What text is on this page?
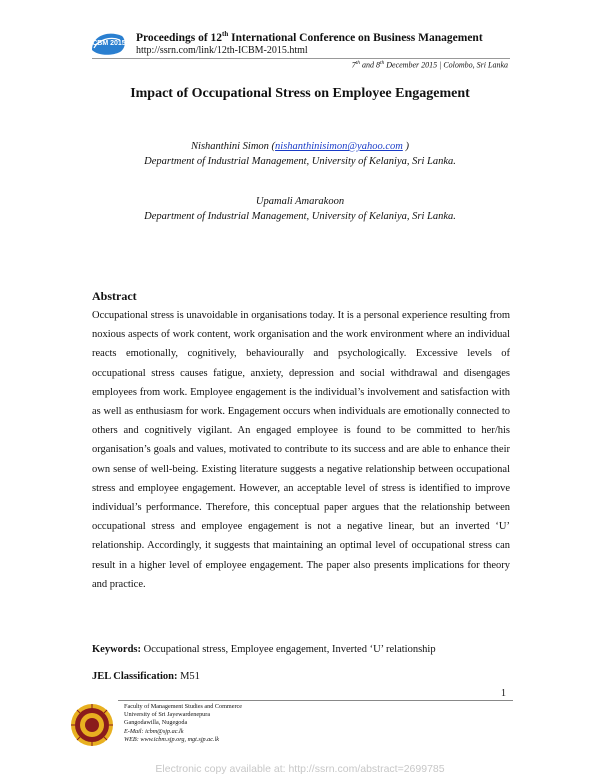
ICBM 2015 Proceedings of 12th International Conference on Business Management
http://ssrn.com/link/12th-ICBM-2015.html
7th and 8th December 2015 | Colombo, Sri Lanka
Impact of Occupational Stress on Employee Engagement
Nishanthini Simon (nishanthinisimon@yahoo.com )
Department of Industrial Management, University of Kelaniya, Sri Lanka.
Upamali Amarakoon
Department of Industrial Management, University of Kelaniya, Sri Lanka.
Abstract
Occupational stress is unavoidable in organisations today. It is a personal experience resulting from noxious aspects of work content, work organisation and the work environment where an individual reacts emotionally, cognitively, behaviourally and psychologically. Excessive levels of occupational stress causes fatigue, anxiety, depression and social withdrawal and disengages employees from work. Employee engagement is the individual’s involvement and satisfaction with as well as enthusiasm for work. Engagement occurs when individuals are emotionally connected to others and cognitively vigilant. An engaged employee is found to be committed to her/his organisation’s goals and values, motivated to contribute to its success and are able to enhance their own sense of well-being. Existing literature suggests a negative relationship between occupational stress and employee engagement. However, an acceptable level of stress is identified to improve individual’s performance. Therefore, this conceptual paper argues that the relationship between occupational stress and employee engagement is not a negative linear, but an inverted ‘U’ relationship. Accordingly, it suggests that maintaining an optimal level of occupational stress can result in a higher level of employee engagement. The paper also presents implications for theory and practice.
Keywords: Occupational stress, Employee engagement, Inverted ‘U’ relationship
JEL Classification: M51
1
Faculty of Management Studies and Commerce
University of Sri Jayewardenepura
Gangodawilla, Nugegoda
E-Mail: icbm@sjp.ac.lk
WEB: www.icbm.sjp.org, mgt.sjp.ac.lk
Electronic copy available at: http://ssrn.com/abstract=2699785
